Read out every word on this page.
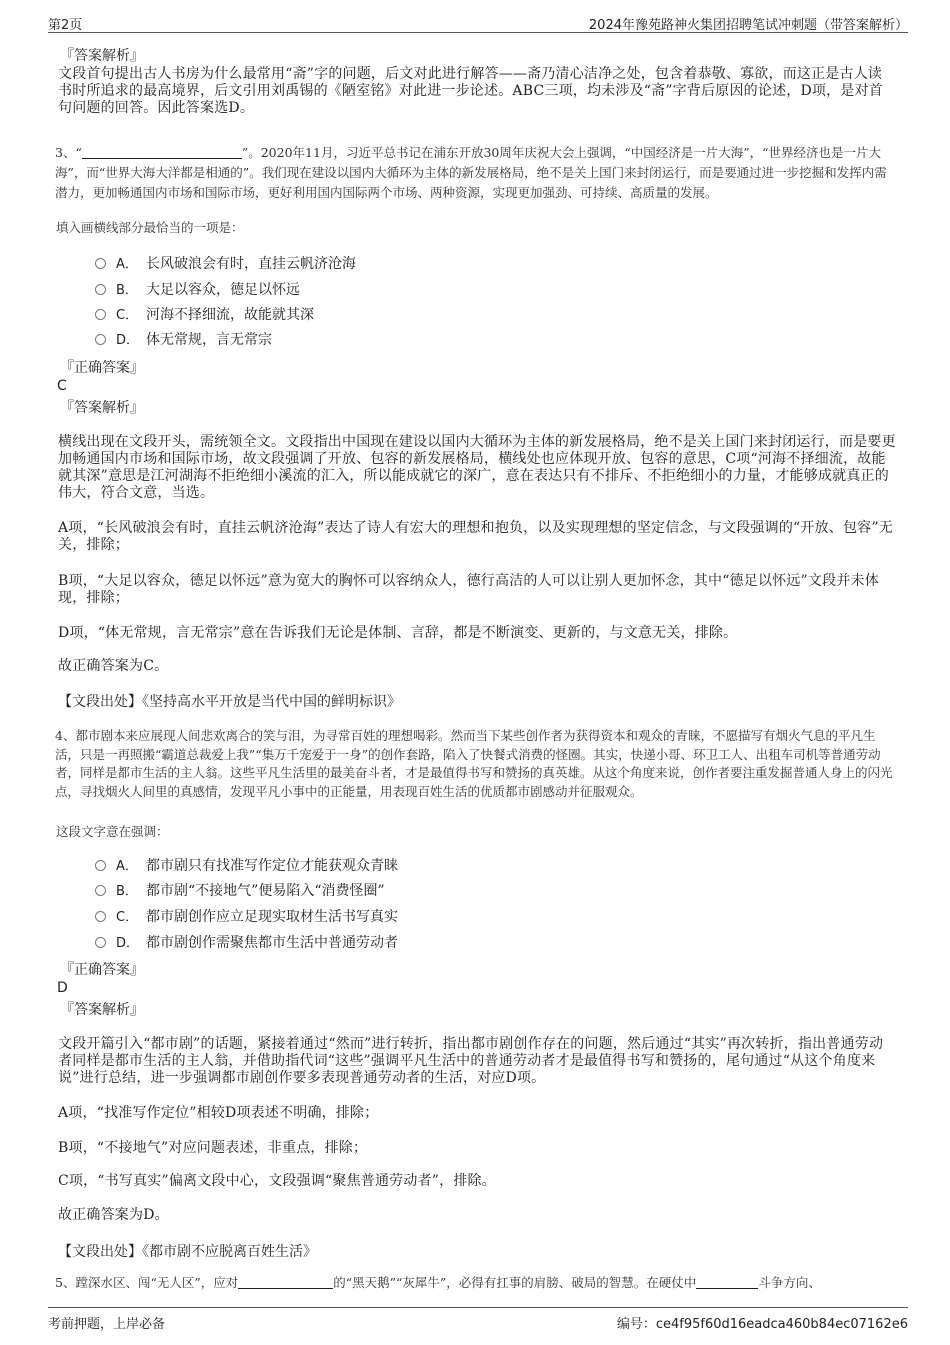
第2页	2024年豫苑路神火集团招聘笔试冲刺题（带答案解析）
『答案解析』

文段首句提出古人书房为什么最常用“斋”字的问题，后文对此进行解答——斋乃清心洁净之处，包含着恭敬、寡欲，而这正是古人读书时所追求的最高境界，后文引用刘禹锡的《陋室铭》对此进一步论述。ABC三项，均未涉及“斋”字背后原因的论述，D项，是对首句问题的回答。因此答案选D。

3、“	”。2020年11月，习近平总书记在浦东开放30周年庆祝大会上强调，“中国经济是一片大海”，“世界经济也是一片大海”，而“世界大海大洋都是相通的”。我们现在建设以国内大循环为主体的新发展格局，绝不是关上国门来封闭运行，而是要通过进一步挖掘和发挥内需潜力，更加畅通国内市场和国际市场，更好利用国内国际两个市场、两种资源，实现更加强劲、可持续、高质量的发展。

填入画横线部分最恰当的一项是：
A． 长风破浪会有时，直挂云帆济沧海
B． 大足以容众，德足以怀远
C． 河海不择细流，故能就其深
D． 体无常规，言无常宗
『正确答案』
C
『答案解析』

横线出现在文段开头，需统领全文。文段指出中国现在建设以国内大循环为主体的新发展格局，绝不是关上国门来封闭运行，而是要更加畅通国内市场和国际市场，故文段强调了开放、包容的新发展格局，横线处也应体现开放、包容的意思，C项“河海不择细流，故能就其深”意思是江河湖海不拒绝细小溪流的汇入，所以能成就它的深广，意在表达只有不排斥、不拒绝细小的力量，才能够成就真正的伟大，符合文意，当选。

A项，“长风破浪会有时，直挂云帆济沧海”表达了诗人有宏大的理想和抱负，以及实现理想的坚定信念，与文段强调的“开放、包容”无关，排除；

B项，“大足以容众，德足以怀远”意为宽大的胸怀可以容纳众人，德行高洁的人可以让别人更加怀念，其中“德足以怀远”文段并未体现，排除；

D项，“体无常规，言无常宗”意在告诉我们无论是体制、言辞，都是不断演变、更新的，与文意无关，排除。

故正确答案为C。

【文段出处】《坚持高水平开放是当代中国的鲜明标识》

4、都市剧本来应展现人间悲欢离合的笑与泪，为寻常百姓的理想喝彩。然而当下某些创作者为获得资本和观众的青睐，不愿描写有烟火气息的平凡生活，只是一再照搬“霸道总裁爱上我”“集万千宠爱于一身”的创作套路，陷入了快餐式消费的怪圈。其实，快递小哥、环卫工人、出租车司机等普通劳动者，同样是都市生活的主人翁。这些平凡生活里的最美奋斗者，才是最值得书写和赞扬的真英雄。从这个角度来说，创作者要注重发掘普通人身上的闪光点，寻找烟火人间里的真感情，发现平凡小事中的正能量，用表现百姓生活的优质都市剧感动并征服观众。

这段文字意在强调：
A． 都市剧只有找准写作定位才能获观众青睐
B． 都市剧“不接地气”便易陷入“消费怪圈”
C． 都市剧创作应立足现实取材生活书写真实
D． 都市剧创作需聚焦都市生活中普通劳动者
『正确答案』
D
『答案解析』

文段开篇引入“都市剧”的话题，紧接着通过“然而”进行转折，指出都市剧创作存在的问题，然后通过“其实”再次转折，指出普通劳动者同样是都市生活的主人翁，并借助指代词“这些”强调平凡生活中的普通劳动者才是最值得书写和赞扬的，尾句通过“从这个角度来说”进行总结，进一步强调都市剧创作要多表现普通劳动者的生活，对应D项。

A项，“找准写作定位”相较D项表述不明确，排除；

B项，“不接地气”对应问题表述，非重点，排除；

C项，“书写真实”偏离文段中心，文段强调“聚焦普通劳动者”，排除。

故正确答案为D。

【文段出处】《都市剧不应脱离百姓生活》

5、蹚深水区、闯“无人区”，应对	的“黑天鹅”“灰犀牛”，必得有扛事的肩膀、破局的智慧。在硬仗中	斗争方向、

考前押题，上岸必备	编号：ce4f95f60d16eadca460b84ec07162e6
